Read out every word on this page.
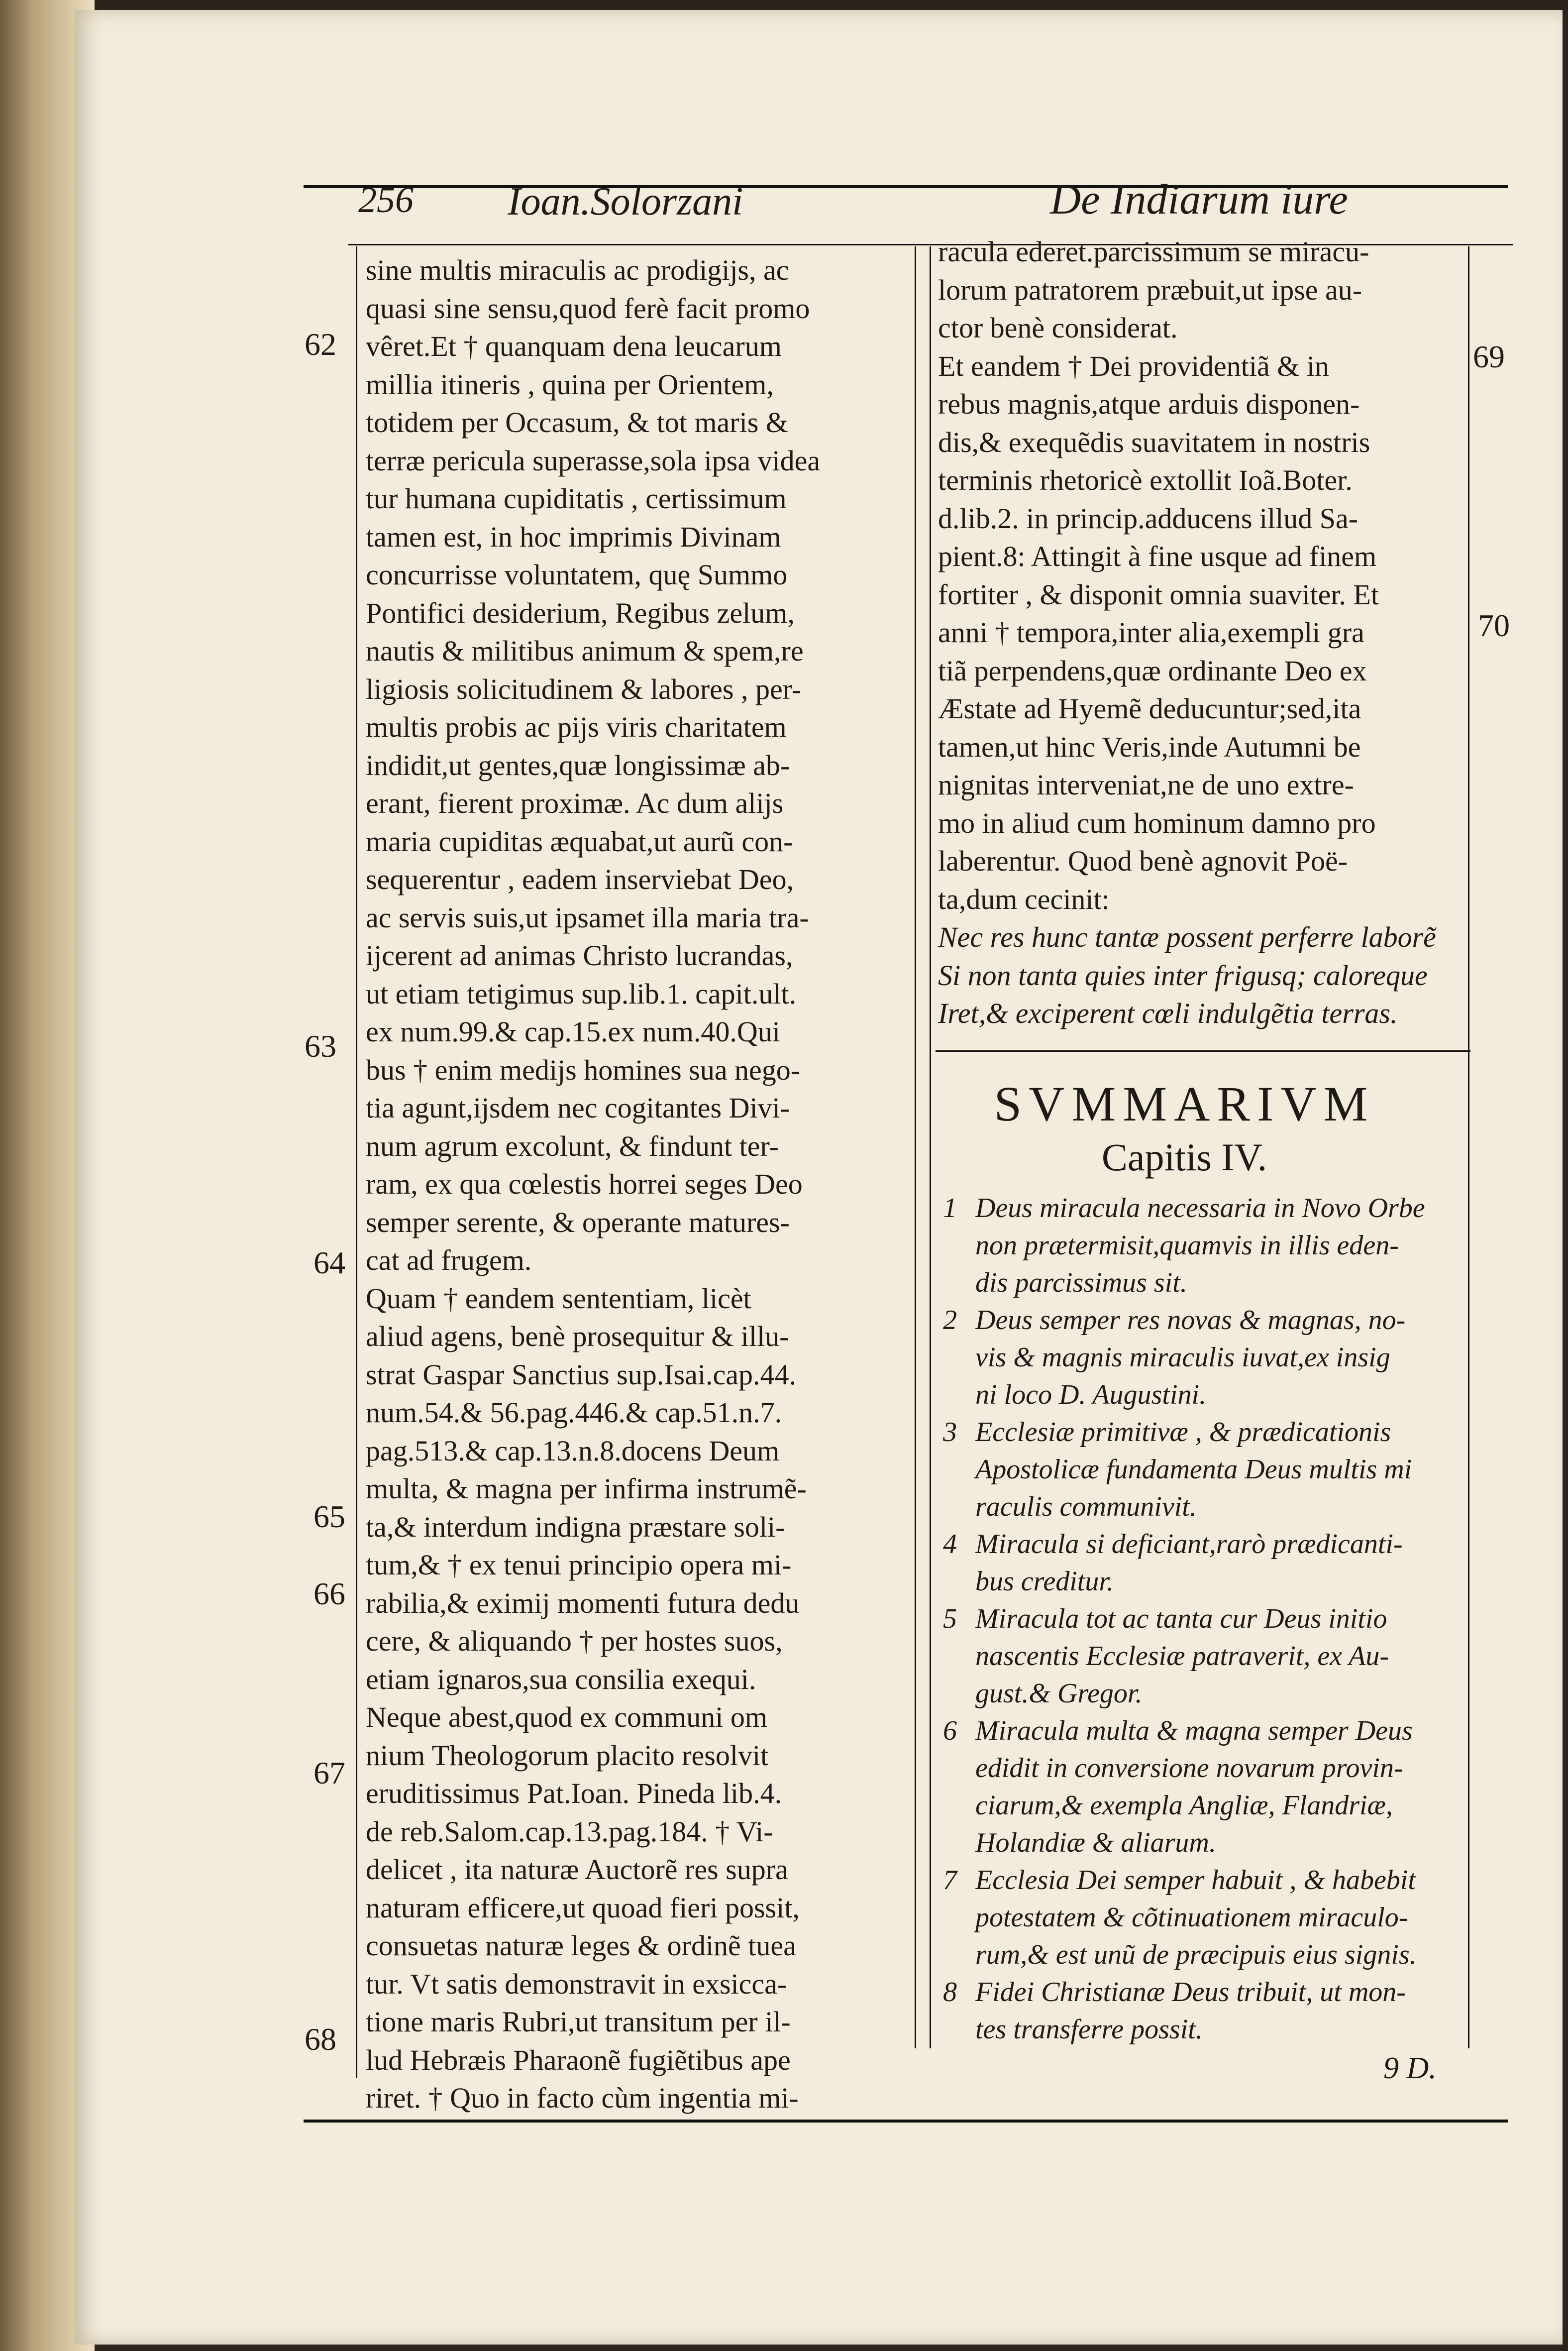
256 Ioan.Solorzani	De Indiarum iure
62
63
64
65
66
67
68
69
70
sine multis miraculis ac prodigijs, ac
quasi sine sensu,quod ferè facit promo
vêret.Et † quanquam dena leucarum
millia itineris , quina per Orientem,
totidem per Occasum, & tot maris &
terræ pericula superasse,sola ipsa videa
tur humana cupiditatis , certissimum
tamen est, in hoc imprimis Divinam
concurrisse voluntatem, quę Summo
Pontifici desiderium, Regibus zelum,
nautis & militibus animum & spem,re
ligiosis solicitudinem & labores , per-
multis probis ac pijs viris charitatem
indidit,ut gentes,quæ longissimæ ab-
erant, fierent proximæ. Ac dum alijs
maria cupiditas æquabat,ut aurũ con-
sequerentur , eadem inserviebat Deo,
ac servis suis,ut ipsamet illa maria tra-
ijcerent ad animas Christo lucrandas,
ut etiam tetigimus sup.lib.1. capit.ult.
ex num.99.& cap.15.ex num.40.Qui
bus † enim medijs homines sua nego-
tia agunt,ijsdem nec cogitantes Divi-
num agrum excolunt, & findunt ter-
ram, ex qua cœlestis horrei seges Deo
semper serente, & operante matures-
cat ad frugem.
Quam † eandem sententiam, licèt
aliud agens, benè prosequitur & illu-
strat Gaspar Sanctius sup.Isai.cap.44.
num.54.& 56.pag.446.& cap.51.n.7.
pag.513.& cap.13.n.8.docens Deum
multa, & magna per infirma instrumẽ-
ta,& interdum indigna præstare soli-
tum,& † ex tenui principio opera mi-
rabilia,& eximij momenti futura dedu
cere, & aliquando † per hostes suos,
etiam ignaros,sua consilia exequi.
Neque abest,quod ex communi om
nium Theologorum placito resolvit
eruditissimus Pat.Ioan. Pineda lib.4.
de reb.Salom.cap.13.pag.184. † Vi-
delicet , ita naturæ Auctorẽ res supra
naturam efficere,ut quoad fieri possit,
consuetas naturæ leges & ordinẽ tuea
tur. Vt satis demonstravit in exsicca-
tione maris Rubri,ut transitum per il-
lud Hebræis Pharaonẽ fugiẽtibus ape
riret. † Quo in facto cùm ingentia mi-
racula ederet.parcissimum se miracu-
lorum patratorem præbuit,ut ipse au-
ctor benè considerat.
Et eandem † Dei providentiã & in
rebus magnis,atque arduis disponen-
dis,& exequẽdis suavitatem in nostris
terminis rhetoricè extollit Ioã.Boter.
d.lib.2. in princip.adducens illud Sa-
pient.8: Attingit à fine usque ad finem
fortiter , & disponit omnia suaviter. Et
anni † tempora,inter alia,exempli gra
tiã perpendens,quæ ordinante Deo ex
Æstate ad Hyemẽ deducuntur;sed,ita
tamen,ut hinc Veris,inde Autumni be
nignitas interveniat,ne de uno extre-
mo in aliud cum hominum damno pro
laberentur. Quod benè agnovit Poë-
ta,dum cecinit:
Nec res hunc tantæ possent perferre laborẽ
Si non tanta quies inter frigusq; caloreque
Iret,& exciperent cœli indulgẽtia terras.
SVMMARIVM
Capitis IV.
1 Deus miracula necessaria in Novo Orbe
non prætermisit,quamvis in illis eden-
dis parcissimus sit.
2 Deus semper res novas & magnas, no-
vis & magnis miraculis iuvat,ex insig
ni loco D. Augustini.
3 Ecclesiæ primitivæ , & prædicationis
Apostolicæ fundamenta Deus multis mi
raculis communivit.
4 Miracula si deficiant,rarò prædicanti-
bus creditur.
5 Miracula tot ac tanta cur Deus initio
nascentis Ecclesiæ patraverit, ex Au-
gust.& Gregor.
6 Miracula multa & magna semper Deus
edidit in conversione novarum provin-
ciarum,& exempla Angliæ, Flandriæ,
Holandiæ & aliarum.
7 Ecclesia Dei semper habuit , & habebit
potestatem & cõtinuationem miraculo-
rum,& est unũ de præcipuis eius signis.
8 Fidei Christianæ Deus tribuit, ut mon-
tes transferre possit.
9 D.
